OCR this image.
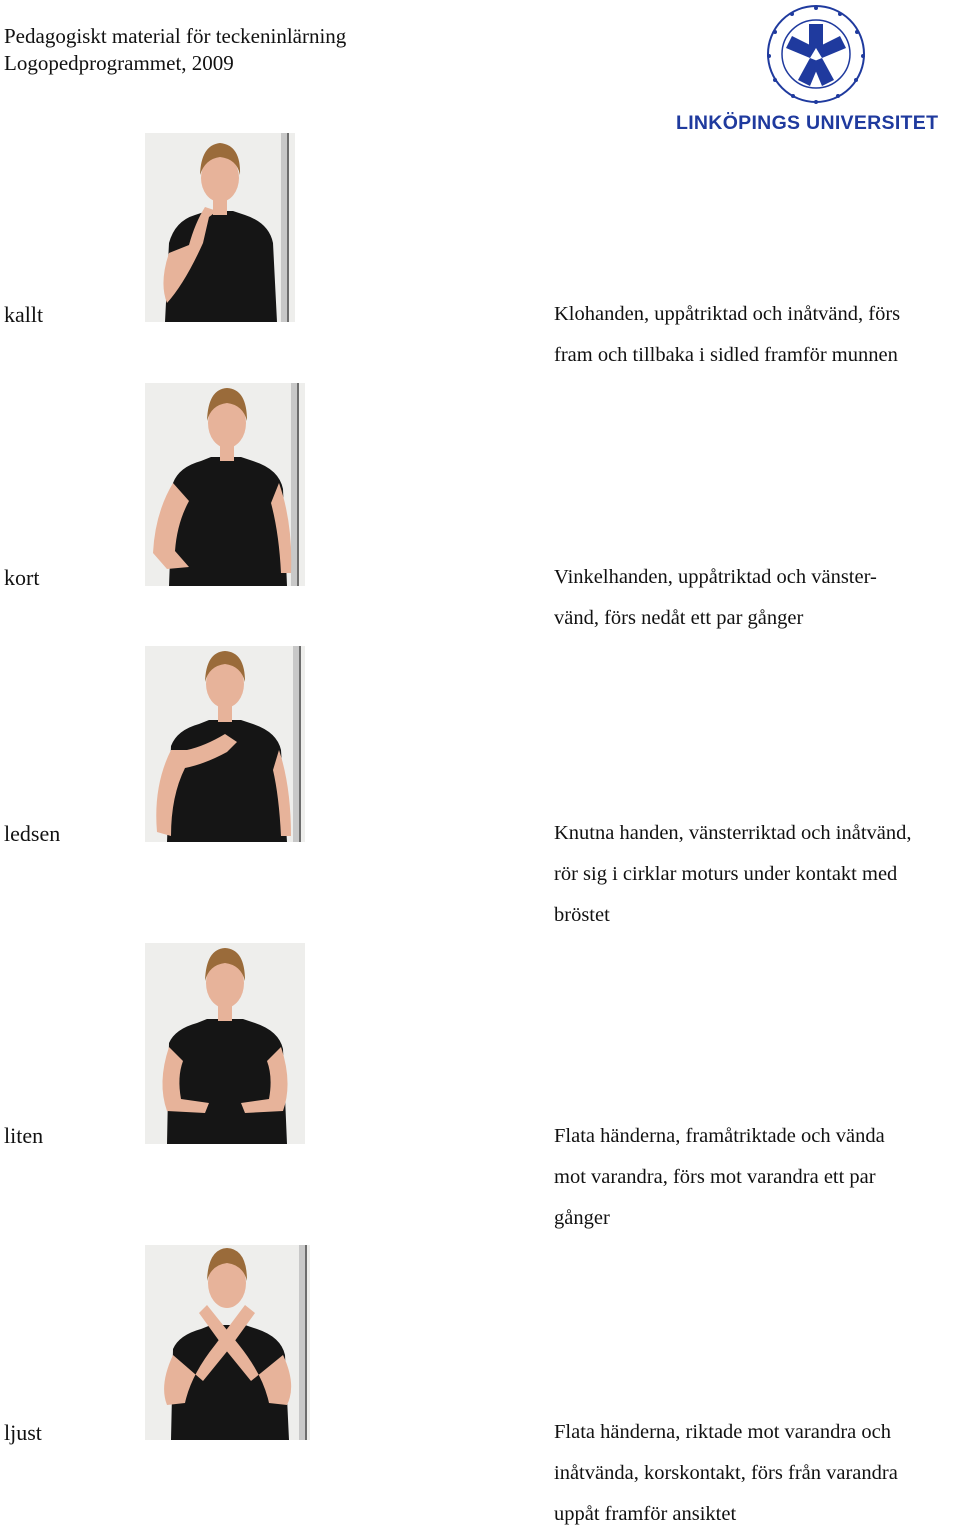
Pedagogiskt material för teckeninlärning
Logopedprogrammet, 2009
LINKÖPINGS UNIVERSITET
kallt	Klohanden, uppåtriktad och inåtvänd, förs
fram och tillbaka i sidled framför munnen
kort	Vinkelhanden, uppåtriktad och vänster-
vänd, förs nedåt ett par gånger
ledsen	Knutna handen, vänsterriktad och inåtvänd,
rör sig i cirklar moturs under kontakt med
bröstet
liten	Flata händerna, framåtriktade och vända
mot varandra, förs mot varandra ett par
gånger
ljust	Flata händerna, riktade mot varandra och
inåtvända, korskontakt, förs från varandra
uppåt framför ansiktet
